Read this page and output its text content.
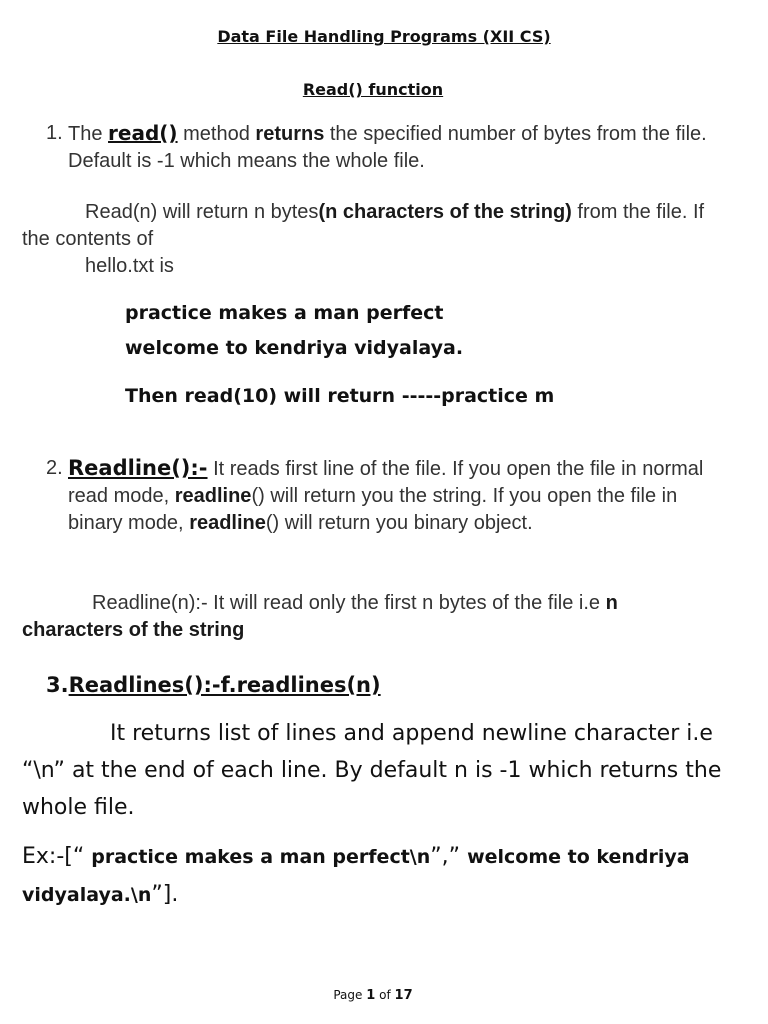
Data File Handling Programs (XII CS)
Read() function
1. The read() method returns the specified number of bytes from the file. Default is -1 which means the whole file.
Read(n) will return n bytes(n characters of the string) from the file. If the contents of
hello.txt is
practice makes a man perfect
welcome to kendriya vidyalaya.
Then read(10) will return -----practice m
2. Readline():- It reads first line of the file. If you open the file in normal read mode, readline() will return you the string. If you open the file in binary mode, readline() will return you binary object.
Readline(n):- It will read only the first n bytes of the file i.e n characters of the string
3.Readlines():-f.readlines(n)
It returns list of lines and append newline character i.e “\n” at the end of each line. By default n is -1 which returns the whole file.
Ex:-[“ practice makes a man perfect\n”,” welcome to kendriya vidyalaya.\n”].
Page 1 of 17
